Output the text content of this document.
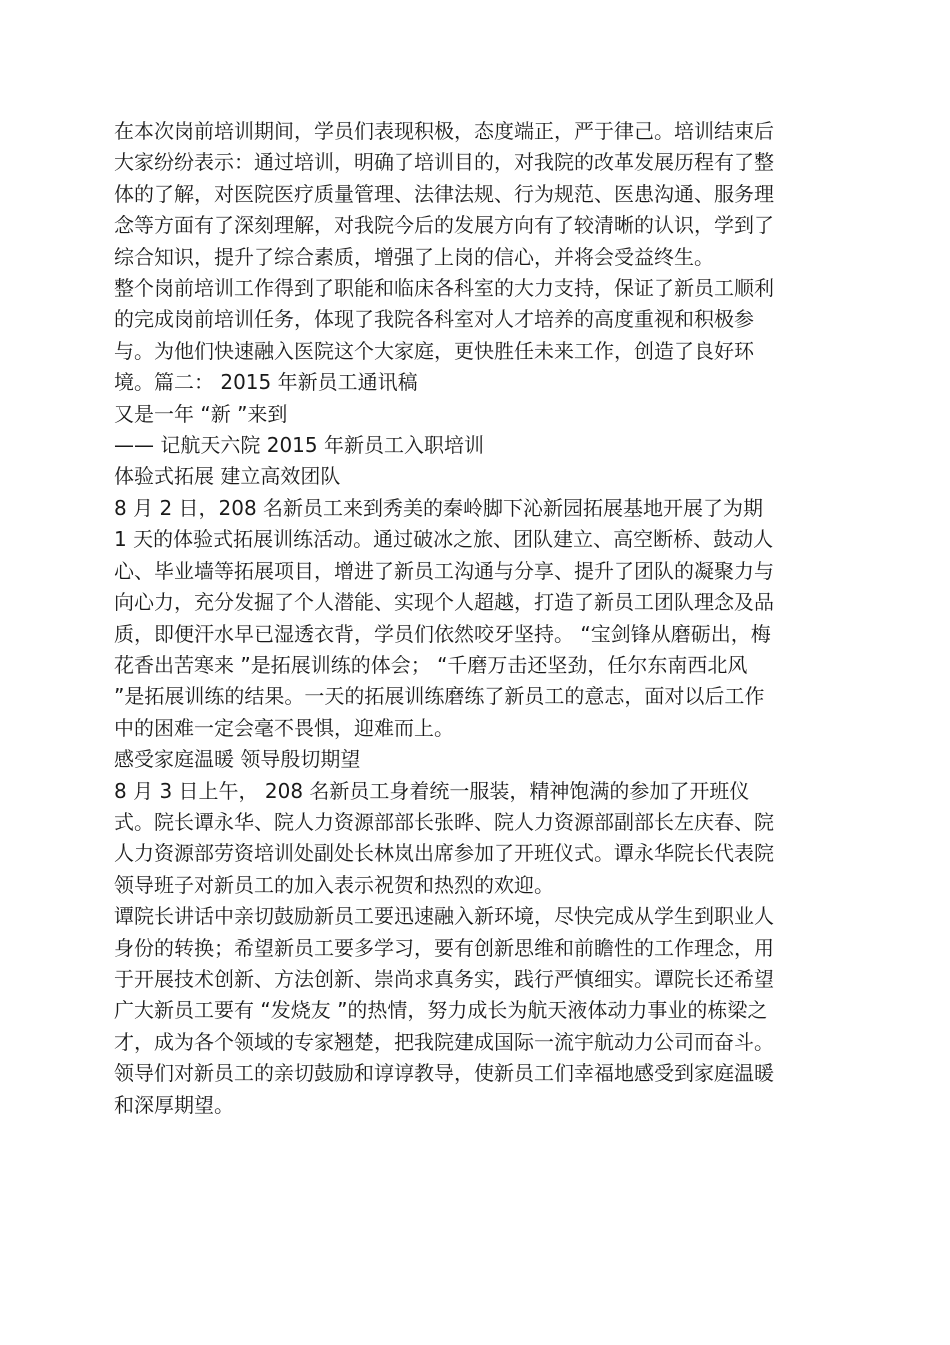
在本次岗前培训期间，学员们表现积极，态度端正，严于律己。培训结束后大家纷纷表示：通过培训，明确了培训目的，对我院的改革发展历程有了整体的了解，对医院医疗质量管理、法律法规、行为规范、医患沟通、服务理念等方面有了深刻理解，对我院今后的发展方向有了较清晰的认识，学到了综合知识，提升了综合素质，增强了上岗的信心，并将会受益终生。

整个岗前培训工作得到了职能和临床各科室的大力支持，保证了新员工顺利的完成岗前培训任务，体现了我院各科室对人才培养的高度重视和积极参与。为他们快速融入医院这个大家庭，更快胜任未来工作，创造了良好环境。篇二： 2015 年新员工通讯稿

又是一年 “新 ”来到

—— 记航天六院 2015 年新员工入职培训

体验式拓展 建立高效团队

8 月 2 日，208 名新员工来到秀美的秦岭脚下沁新园拓展基地开展了为期 1 天的体验式拓展训练活动。通过破冰之旅、团队建立、高空断桥、鼓动人心、毕业墙等拓展项目，增进了新员工沟通与分享、提升了团队的凝聚力与向心力，充分发掘了个人潜能、实现个人超越，打造了新员工团队理念及品质，即便汗水早已湿透衣背，学员们依然咬牙坚持。 “宝剑锋从磨砺出，梅花香出苦寒来 ”是拓展训练的体会； “千磨万击还坚劲，任尔东南西北风 ”是拓展训练的结果。一天的拓展训练磨练了新员工的意志，面对以后工作中的困难一定会毫不畏惧，迎难而上。

感受家庭温暖 领导殷切期望

8 月 3 日上午， 208 名新员工身着统一服装，精神饱满的参加了开班仪式。院长谭永华、院人力资源部部长张晔、院人力资源部副部长左庆春、院人力资源部劳资培训处副处长林岚出席参加了开班仪式。谭永华院长代表院领导班子对新员工的加入表示祝贺和热烈的欢迎。

谭院长讲话中亲切鼓励新员工要迅速融入新环境，尽快完成从学生到职业人身份的转换；希望新员工要多学习，要有创新思维和前瞻性的工作理念，用于开展技术创新、方法创新、崇尚求真务实，践行严慎细实。谭院长还希望广大新员工要有 “发烧友 ”的热情，努力成长为航天液体动力事业的栋梁之才，成为各个领域的专家翘楚，把我院建成国际一流宇航动力公司而奋斗。领导们对新员工的亲切鼓励和谆谆教导，使新员工们幸福地感受到家庭温暖和深厚期望。
